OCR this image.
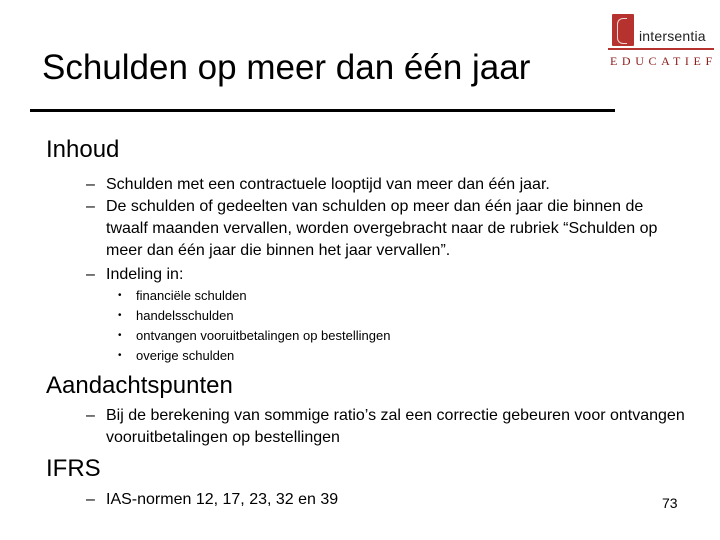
Schulden op meer dan één jaar
intersentia
EDUCATIEF
Inhoud
– Schulden met een contractuele looptijd van meer dan één jaar.
– De schulden of gedeelten van schulden op meer dan één jaar die binnen de twaalf maanden vervallen, worden overgebracht naar de rubriek “Schulden op meer dan één jaar die binnen het jaar vervallen”.
– Indeling in:
• financiële schulden
• handelsschulden
• ontvangen vooruitbetalingen op bestellingen
• overige schulden
Aandachtspunten
– Bij de berekening van sommige ratio’s zal een correctie gebeuren voor ontvangen vooruitbetalingen op bestellingen
IFRS
– IAS-normen 12, 17, 23, 32 en 39	73
